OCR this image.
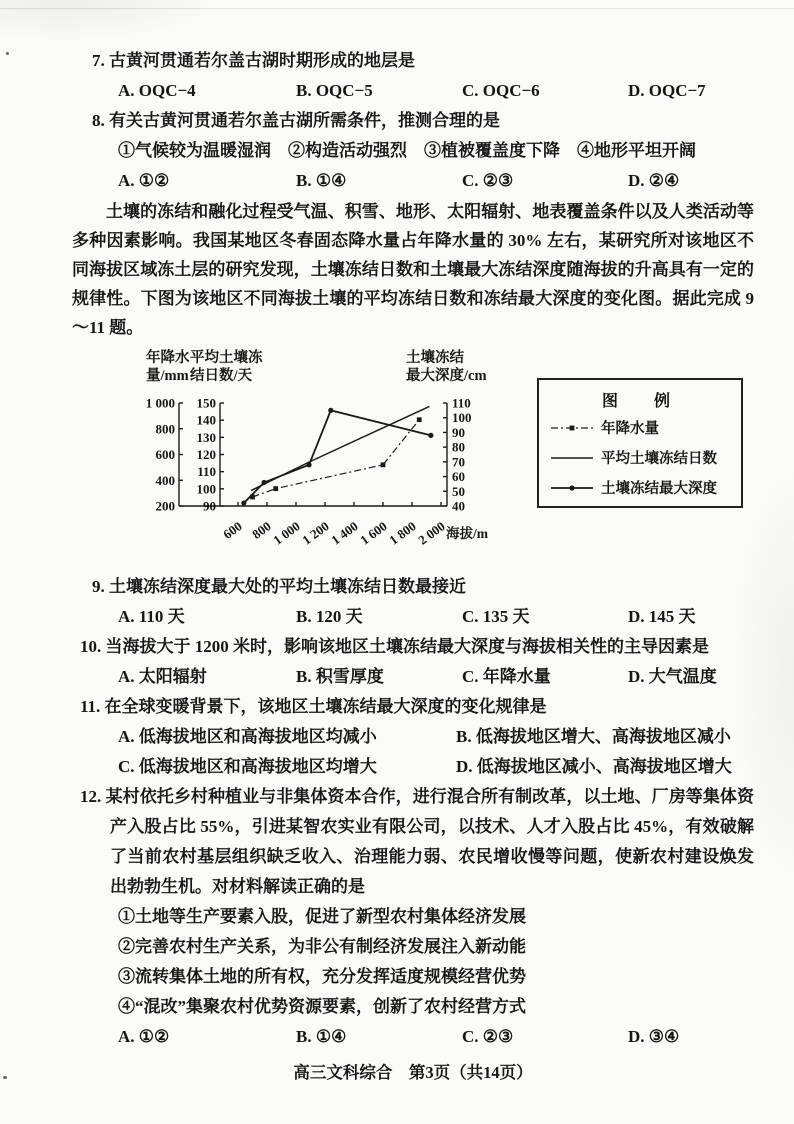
7. 古黄河贯通若尔盖古湖时期形成的地层是
A. OQC−4	B. OQC−5	C. OQC−6	D. OQC−7
8. 有关古黄河贯通若尔盖古湖所需条件，推测合理的是
①气候较为温暖湿润 ②构造活动强烈 ③植被覆盖度下降 ④地形平坦开阔
A. ①②	B. ①④	C. ②③	D. ②④
土壤的冻结和融化过程受气温、积雪、地形、太阳辐射、地表覆盖条件以及人类活动等多种因素影响。我国某地区冬春固态降水量占年降水量的 30% 左右，某研究所对该地区不同海拔区域冻土层的研究发现，土壤冻结日数和土壤最大冻结深度随海拔的升高具有一定的规律性。下图为该地区不同海拔土壤的平均冻结日数和冻结最大深度的变化图。据此完成 9～11 题。
年降水
量/mm
平均土壤冻
结日数/天
土壤冻结
最大深度/cm
200
400
600
800
1 000
90
100
110
120
130
140
150
40
50
60
70
80
90
100
110
600 800
1 000
1 200
1 400
1 600
1 800
2 000
海拔/m
图　例
年降水量
平均土壤冻结日数
土壤冻结最大深度
9. 土壤冻结深度最大处的平均土壤冻结日数最接近
A. 110 天	B. 120 天	C. 135 天	D. 145 天
10. 当海拔大于 1200 米时，影响该地区土壤冻结最大深度与海拔相关性的主导因素是
A. 太阳辐射	B. 积雪厚度	C. 年降水量	D. 大气温度
11. 在全球变暖背景下，该地区土壤冻结最大深度的变化规律是
A. 低海拔地区和高海拔地区均减小	B. 低海拔地区增大、高海拔地区减小
C. 低海拔地区和高海拔地区均增大	D. 低海拔地区减小、高海拔地区增大
12. 某村依托乡村种植业与非集体资本合作，进行混合所有制改革，以土地、厂房等集体资产入股占比 55%，引进某智农实业有限公司，以技术、人才入股占比 45%，有效破解了当前农村基层组织缺乏收入、治理能力弱、农民增收慢等问题，使新农村建设焕发出勃勃生机。对材料解读正确的是
①土地等生产要素入股，促进了新型农村集体经济发展
②完善农村生产关系，为非公有制经济发展注入新动能
③流转集体土地的所有权，充分发挥适度规模经营优势
④“混改”集聚农村优势资源要素，创新了农村经营方式
A. ①②	B. ①④	C. ②③	D. ③④
高三文科综合　第3页（共14页）
